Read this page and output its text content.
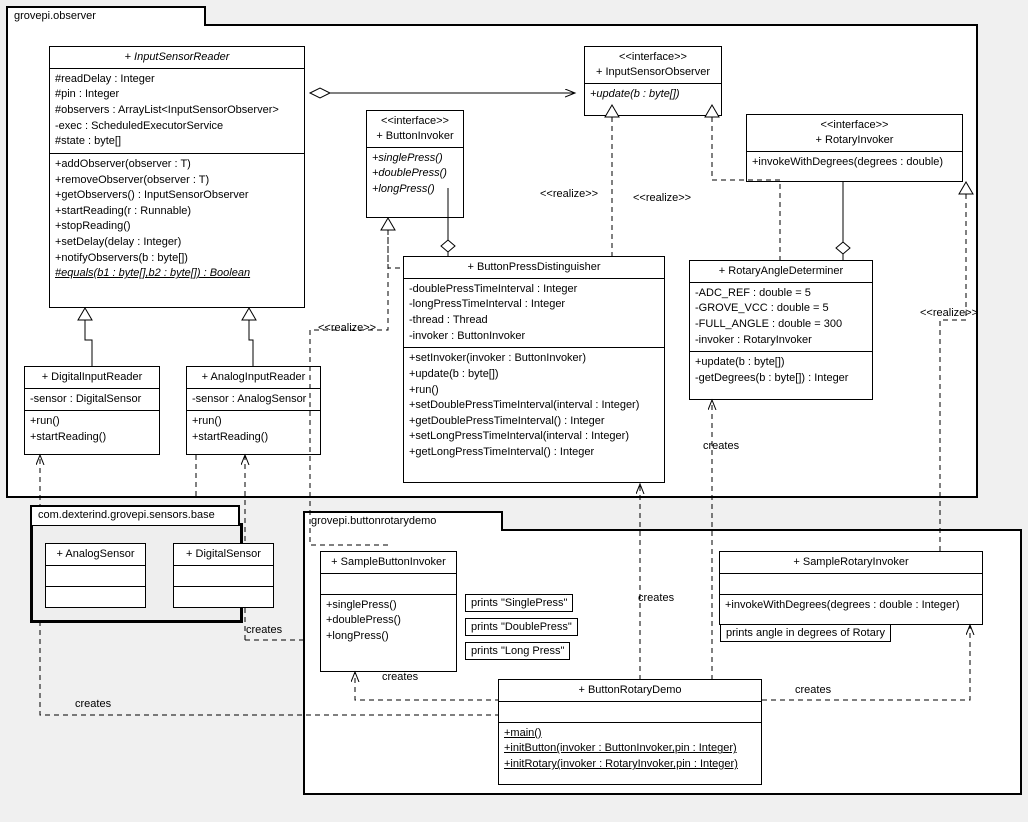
grovepi.observer
com.dexterind.grovepi.sensors.base	grovepi.buttonrotarydemo
+ InputSensorReader
#readDelay : Integer
#pin : Integer
#observers : ArrayList<InputSensorObserver>
-exec : ScheduledExecutorService
#state : byte[]
+addObserver(observer : T)
+removeObserver(observer : T)
+getObservers() : InputSensorObserver
+startReading(r : Runnable)
+stopReading()
+setDelay(delay : Integer)
+notifyObservers(b : byte[])
#equals(b1 : byte[],b2 : byte[]) : Boolean
<<interface>>
+ InputSensorObserver
+update(b : byte[])
<<interface>>
+ ButtonInvoker
+singlePress()
+doublePress()
+longPress()
<<interface>>
+ RotaryInvoker
+invokeWithDegrees(degrees : double)
+ ButtonPressDistinguisher
-doublePressTimeInterval : Integer
-longPressTimeInterval : Integer
-thread : Thread
-invoker : ButtonInvoker
+setInvoker(invoker : ButtonInvoker)
+update(b : byte[])
+run()
+setDoublePressTimeInterval(interval : Integer)
+getDoublePressTimeInterval() : Integer
+setLongPressTimeInterval(interval : Integer)
+getLongPressTimeInterval() : Integer
+ RotaryAngleDeterminer
-ADC_REF : double = 5
-GROVE_VCC : double = 5
-FULL_ANGLE : double = 300
-invoker : RotaryInvoker
+update(b : byte[])
-getDegrees(b : byte[]) : Integer
+ DigitalInputReader
-sensor : DigitalSensor
+run()
+startReading()
+ AnalogInputReader
-sensor : AnalogSensor
+run()
+startReading()
+ AnalogSensor	+ DigitalSensor
+ SampleButtonInvoker
+singlePress()
+doublePress()
+longPress()
+ SampleRotaryInvoker
+invokeWithDegrees(degrees : double : Integer)
+ ButtonRotaryDemo
+main()
+initButton(invoker : ButtonInvoker,pin : Integer)
+initRotary(invoker : RotaryInvoker,pin : Integer)
prints "SinglePress"
prints "DoublePress"
prints "Long Press"
prints angle in degrees of Rotary
<<realize>>	<<realize>>
<<realize>>
<<realize>>
creates
creates
creates
creates
creates
creates
